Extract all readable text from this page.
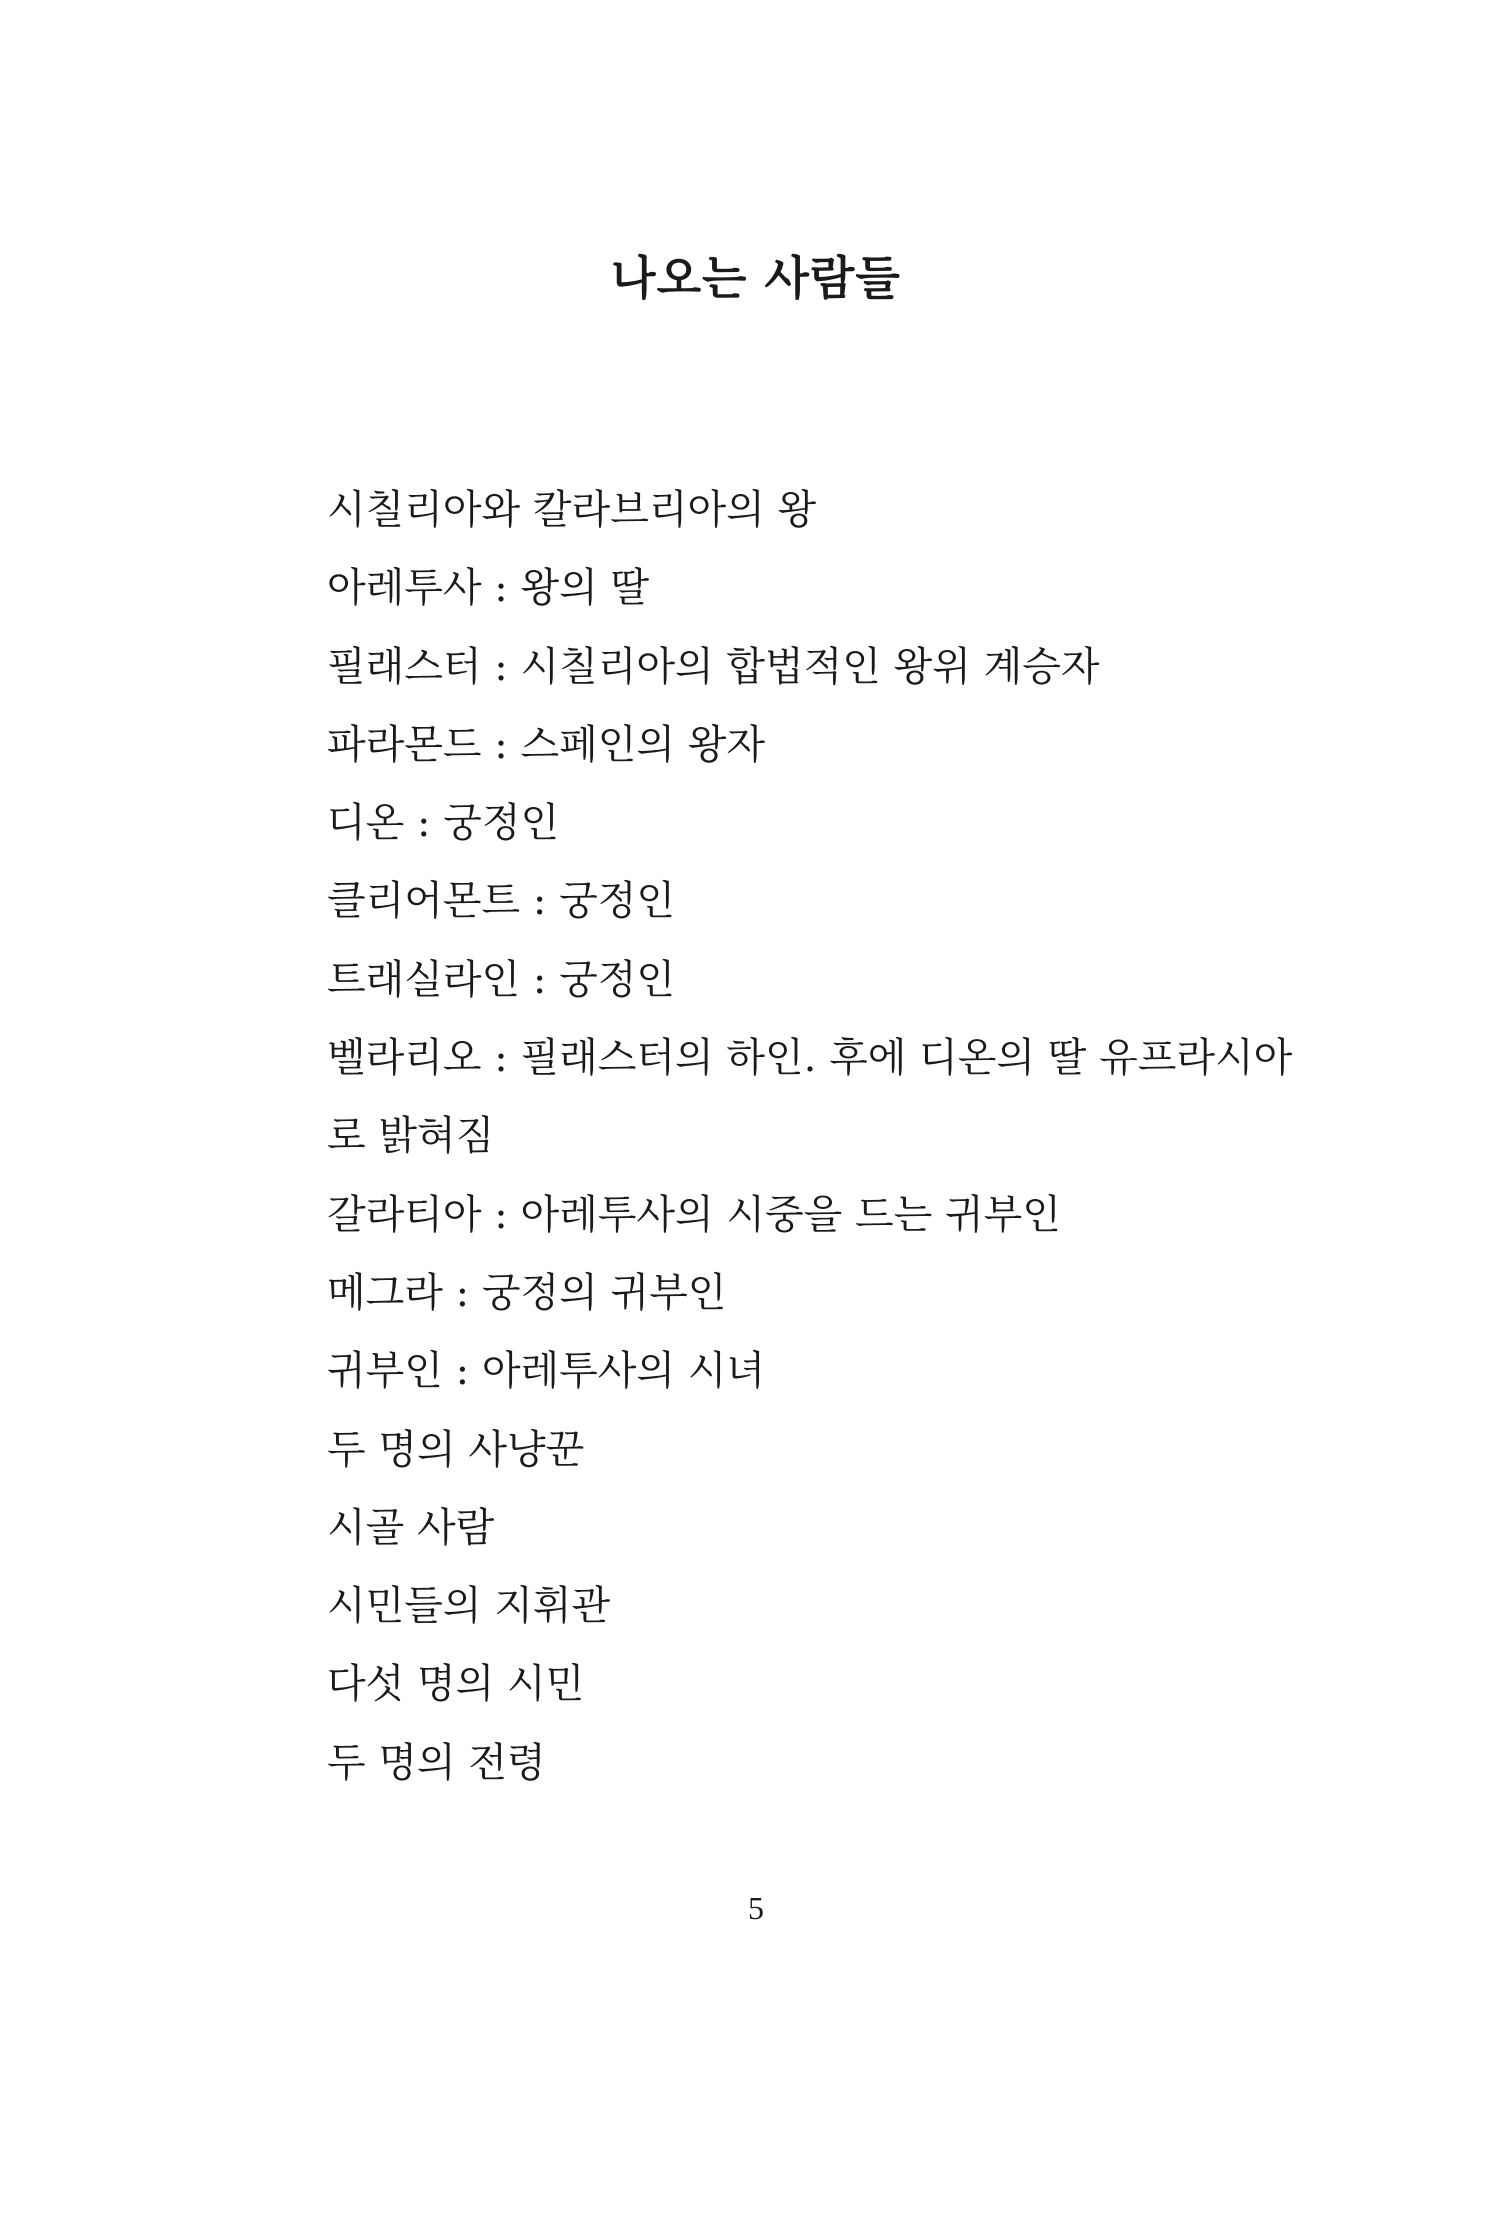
나오는 사람들
시칠리아와 칼라브리아의 왕
아레투사 : 왕의 딸
필래스터 : 시칠리아의 합법적인 왕위 계승자
파라몬드 : 스페인의 왕자
디온 : 궁정인
클리어몬트 : 궁정인
트래실라인 : 궁정인
벨라리오 : 필래스터의 하인. 후에 디온의 딸 유프라시아
로 밝혀짐
갈라티아 : 아레투사의 시중을 드는 귀부인
메그라 : 궁정의 귀부인
귀부인 : 아레투사의 시녀
두 명의 사냥꾼
시골 사람
시민들의 지휘관
다섯 명의 시민
두 명의 전령
5
